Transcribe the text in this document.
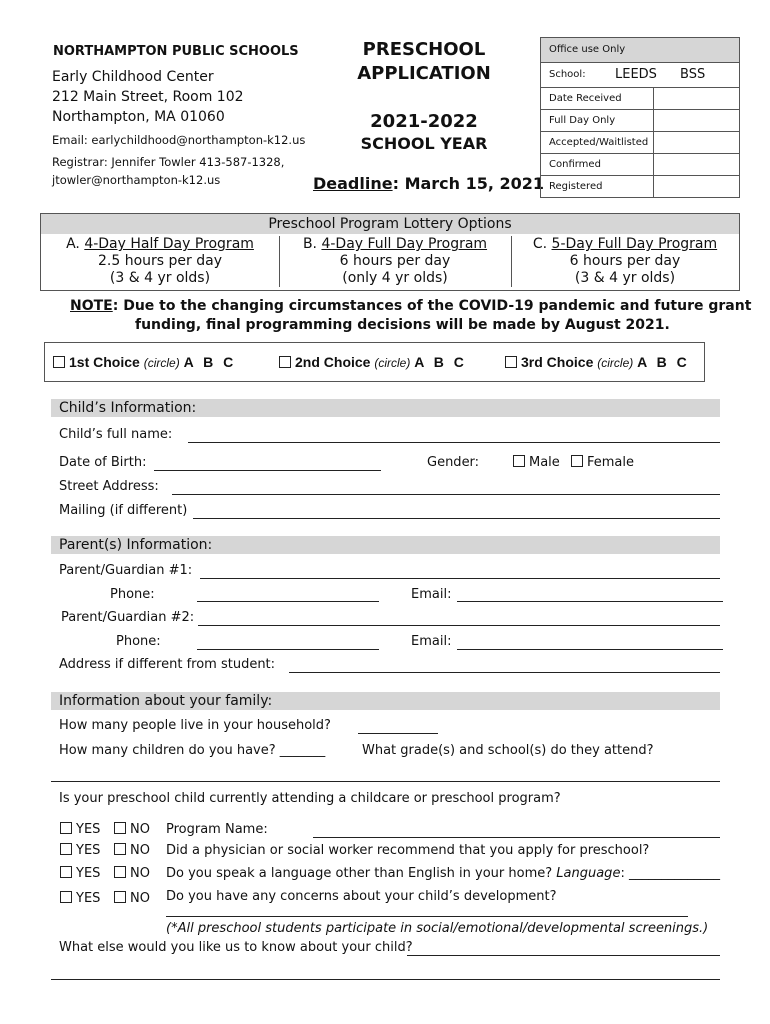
NORTHAMPTON PUBLIC SCHOOLS
Early Childhood Center
212 Main Street, Room 102
Northampton, MA 01060
Email: earlychildhood@northampton-k12.us
Registrar: Jennifer Towler 413-587-1328,
jtowler@northampton-k12.us
PRESCHOOL
APPLICATION
2021-2022
SCHOOL YEAR
Deadline: March 15, 2021
Office use Only
School: LEEDS BSS
Date Received
Full Day Only
Accepted/Waitlisted
Confirmed
Registered
Preschool Program Lottery Options
A. 4-Day Half Day Program
2.5 hours per day
(3 & 4 yr olds)
B. 4-Day Full Day Program
6 hours per day
(only 4 yr olds)
C. 5-Day Full Day Program
6 hours per day
(3 & 4 yr olds)
NOTE: Due to the changing circumstances of the COVID-19 pandemic and future grant
funding, final programming decisions will be made by August 2021.
1st Choice (circle) A B C	2nd Choice (circle) A B C	3rd Choice (circle) A B C
Child’s Information:
Child’s full name:
Date of Birth:	Gender:	Male	Female
Street Address:
Mailing (if different)
Parent(s) Information:
Parent/Guardian #1:
Phone:	Email:
Parent/Guardian #2:
Phone:	Email:
Address if different from student:
Information about your family:
How many people live in your household?
How many children do you have? _______	What grade(s) and school(s) do they attend?
Is your preschool child currently attending a childcare or preschool program?
YES	NO Program Name:
YES	NO Did a physician or social worker recommend that you apply for preschool?
YES	NO Do you speak a language other than English in your home? Language: ______________
YES	NO Do you have any concerns about your child’s development?
(*All preschool students participate in social/emotional/developmental screenings.)
What else would you like us to know about your child?
